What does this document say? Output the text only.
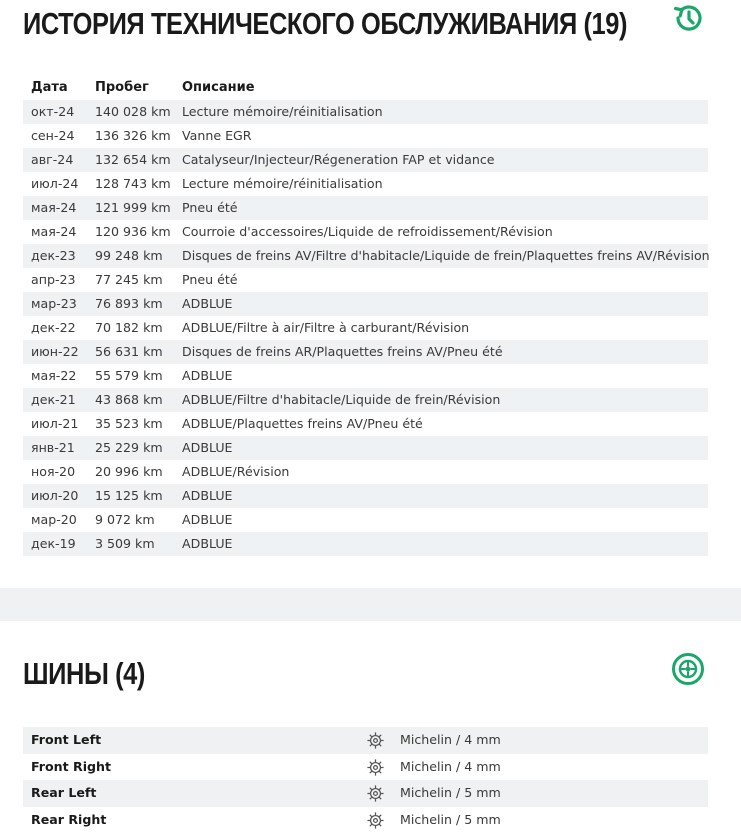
ИСТОРИЯ ТЕХНИЧЕСКОГО ОБСЛУЖИВАНИЯ (19)
Дата Пробег	Описание
окт-24 140 028 km Lecture mémoire/réinitialisation
сен-24 136 326 km Vanne EGR
авг-24 132 654 km Catalyseur/Injecteur/Régeneration FAP et vidance
июл-24 128 743 km Lecture mémoire/réinitialisation
мая-24 121 999 km Pneu été
мая-24 120 936 km Courroie d'accessoires/Liquide de refroidissement/Révision
дек-23 99 248 km Disques de freins AV/Filtre d'habitacle/Liquide de frein/Plaquettes freins AV/Révision
апр-23 77 245 km Pneu été
мар-23 76 893 km ADBLUE
дек-22 70 182 km ADBLUE/Filtre à air/Filtre à carburant/Révision
июн-22 56 631 km Disques de freins AR/Plaquettes freins AV/Pneu été
мая-22 55 579 km ADBLUE
дек-21 43 868 km ADBLUE/Filtre d'habitacle/Liquide de frein/Révision
июл-21 35 523 km ADBLUE/Plaquettes freins AV/Pneu été
янв-21 25 229 km ADBLUE
ноя-20 20 996 km ADBLUE/Révision
июл-20 15 125 km ADBLUE
мар-20 9 072 km ADBLUE
дек-19 3 509 km ADBLUE
ШИНЫ (4)
Front Left	Michelin / 4 mm
Front Right	Michelin / 4 mm
Rear Left	Michelin / 5 mm
Rear Right	Michelin / 5 mm
